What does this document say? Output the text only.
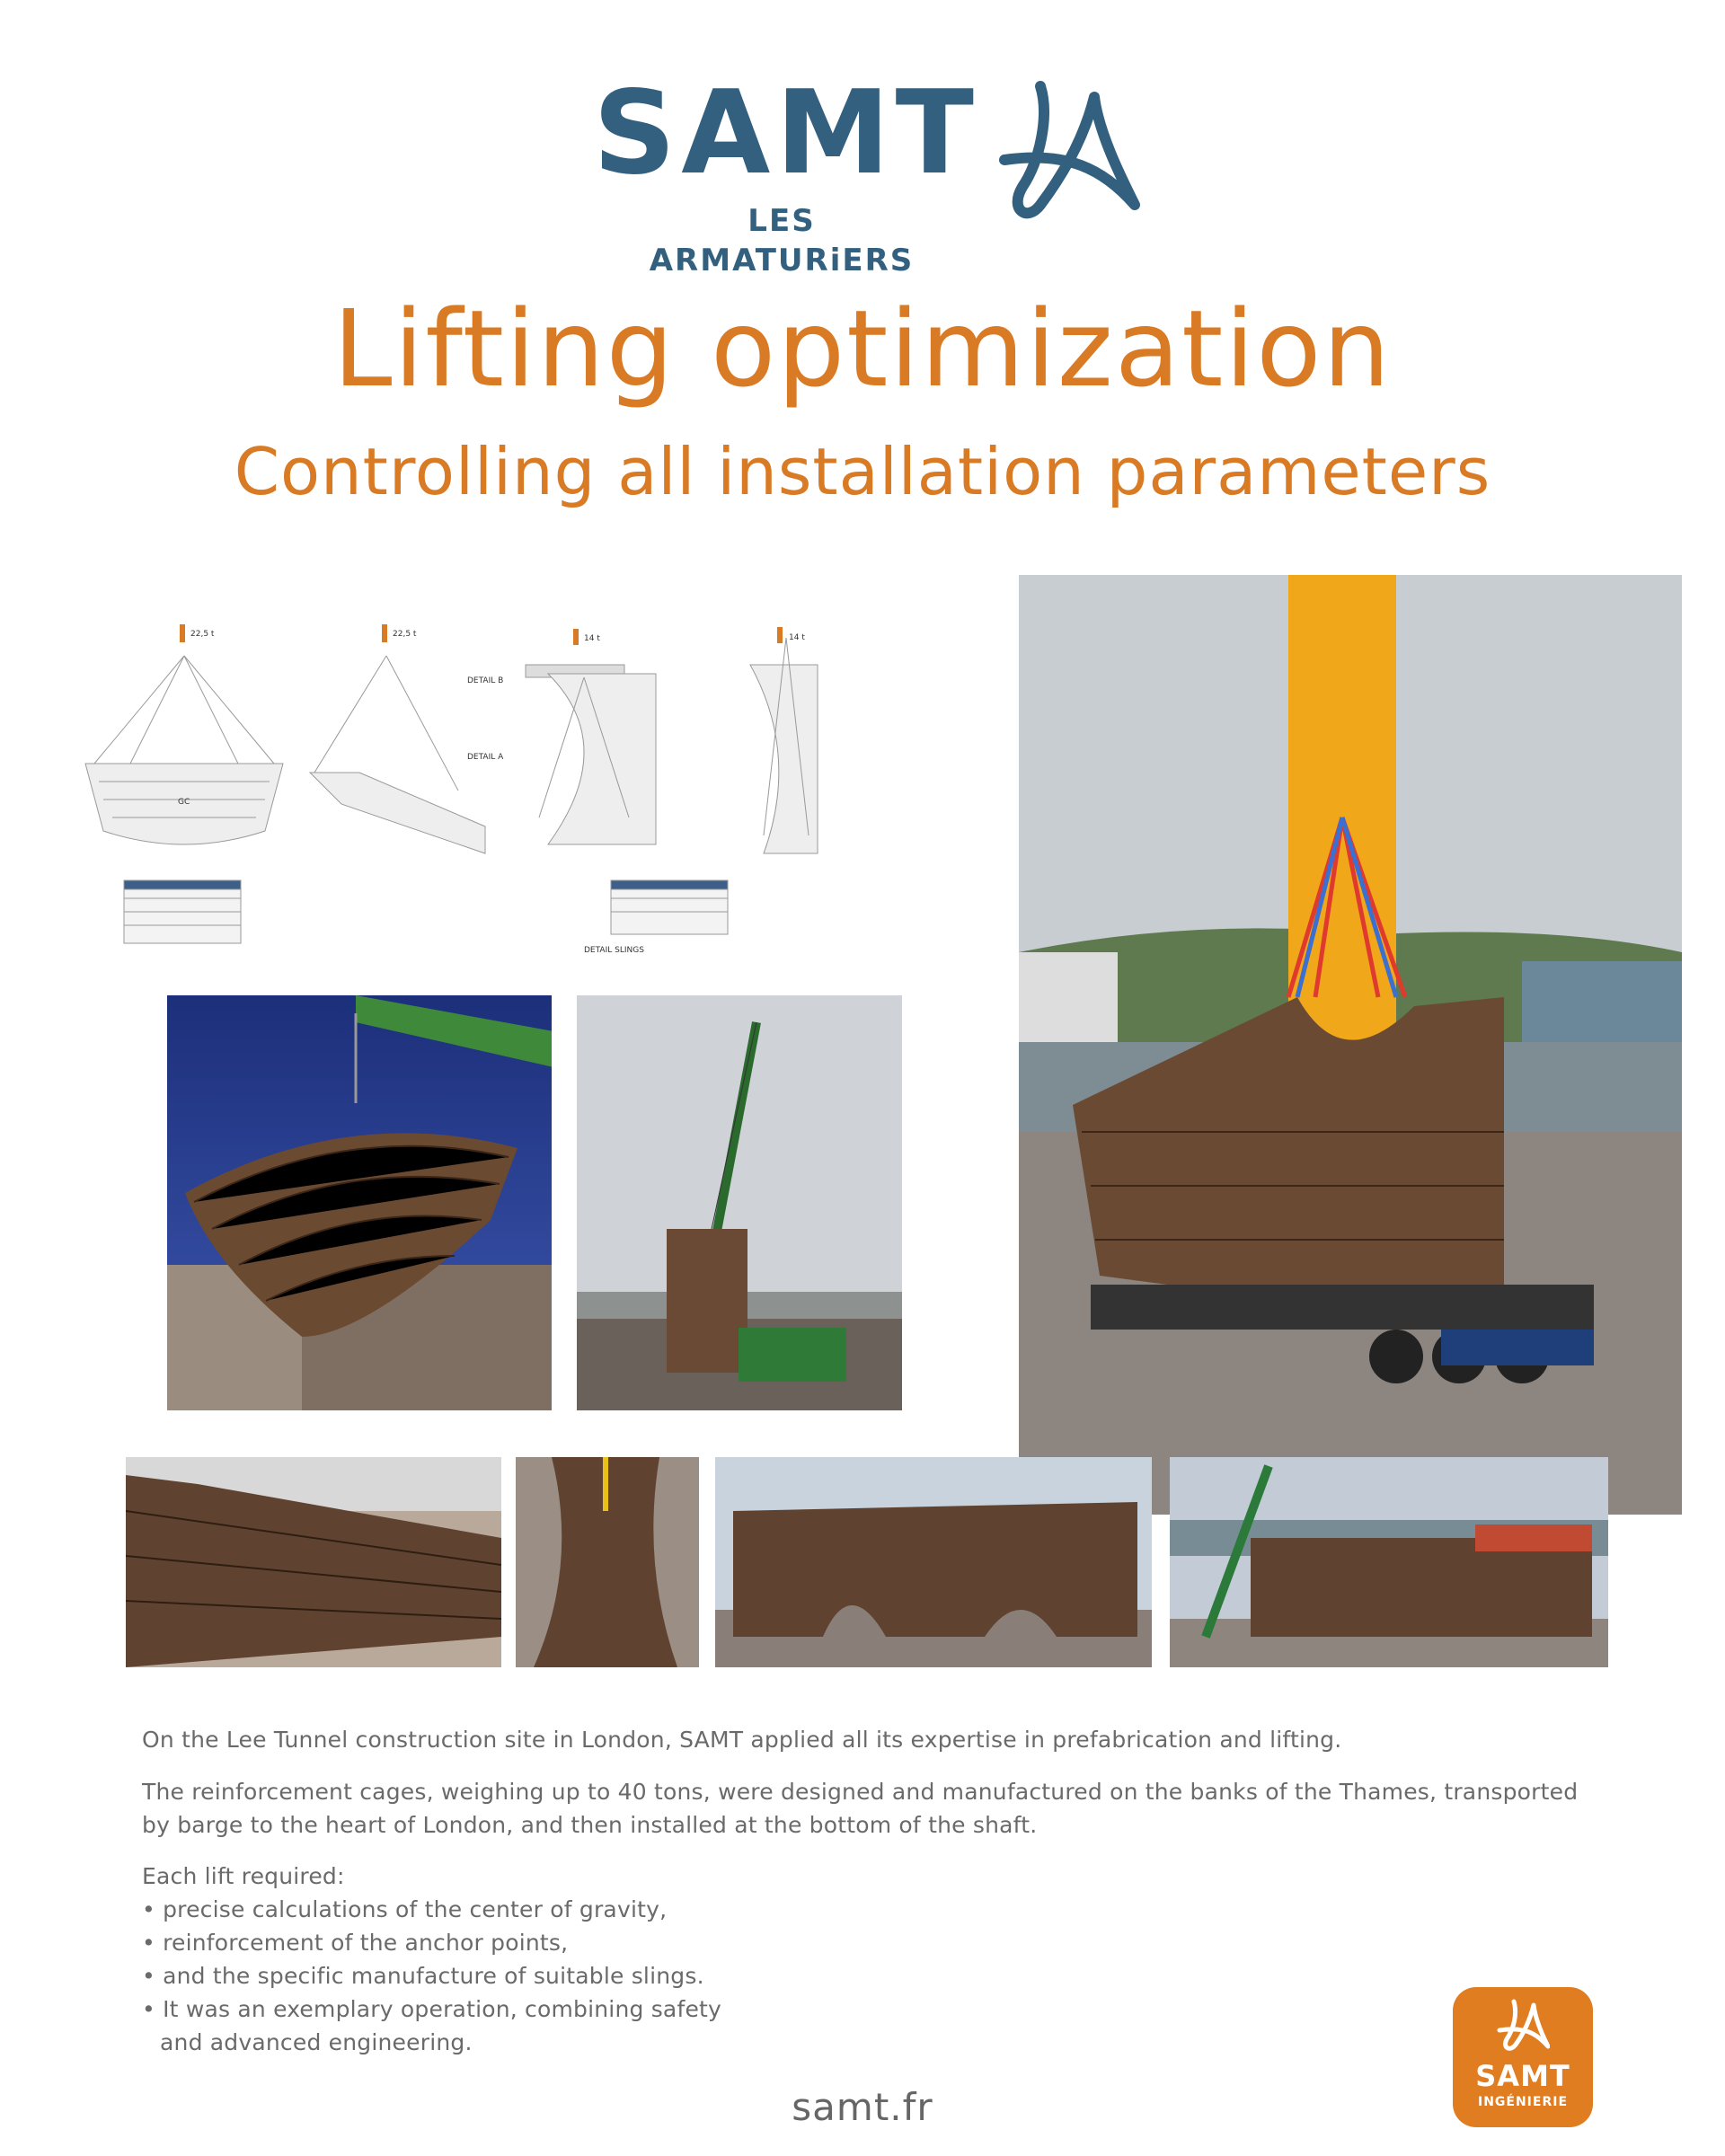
SAMT
LES ARMATURiERS
Lifting optimization
Controlling all installation parameters
22,5 t	22,5 t	14 t	14 t
DETAIL B
DETAIL A
DETAIL SLINGS
GC
On the Lee Tunnel construction site in London, SAMT applied all its expertise in prefabrication and lifting.
The reinforcement cages, weighing up to 40 tons, were designed and manufactured on the banks of the Thames, transported
by barge to the heart of London, and then installed at the bottom of the shaft.
Each lift required:
• precise calculations of the center of gravity,
• reinforcement of the anchor points,
• and the specific manufacture of suitable slings.
• It was an exemplary operation, combining safety
and advanced engineering.
samt.fr
SAMT
INGÉNIERIE
